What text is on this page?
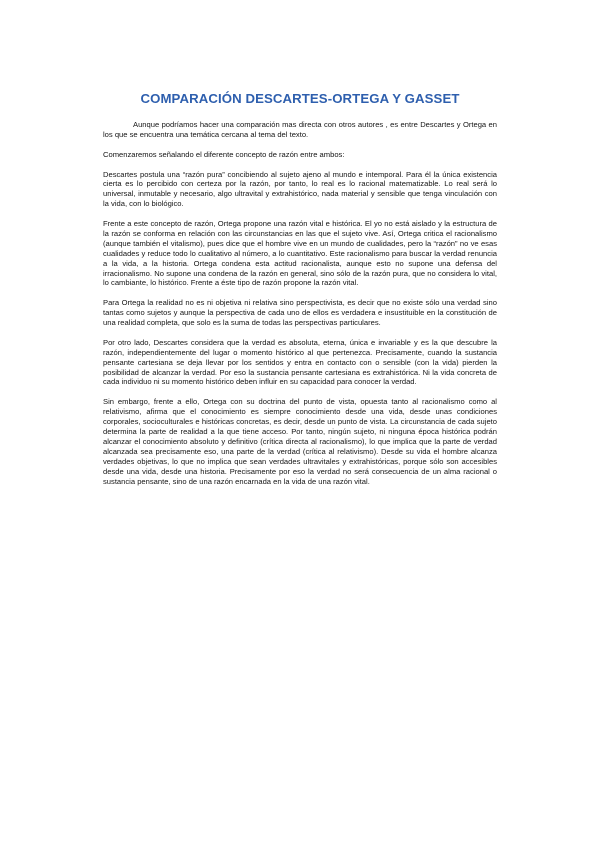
COMPARACIÓN DESCARTES-ORTEGA Y GASSET

Aunque podríamos hacer una comparación mas directa con otros autores , es entre Descartes y Ortega en los que se encuentra una temática cercana al tema del texto.

Comenzaremos señalando el diferente concepto de razón entre ambos:

Descartes postula una “razón pura” concibiendo al sujeto ajeno al mundo e intemporal. Para él la única existencia cierta es lo percibido con certeza por la razón, por tanto, lo real es lo racional matematizable. Lo real será lo universal, inmutable y necesario, algo ultravital y extrahistórico, nada material y sensible que tenga vinculación con la vida, con lo biológico.

Frente a este concepto de razón, Ortega propone una razón vital e histórica. El yo no está aislado y la estructura de la razón se conforma en relación con las circunstancias en las que el sujeto vive. Así, Ortega critica el racionalismo (aunque también el vitalismo), pues dice que el hombre vive en un mundo de cualidades, pero la “razón” no ve esas cualidades y reduce todo lo cualitativo al número, a lo cuantitativo. Este racionalismo para buscar la verdad renuncia a la vida, a la historia. Ortega condena esta actitud racionalista, aunque esto no supone una defensa del irracionalismo. No supone una condena de la razón en general, sino sólo de la razón pura, que no considera lo vital, lo cambiante, lo histórico. Frente a éste tipo de razón propone la razón vital.

Para Ortega la realidad no es ni objetiva ni relativa sino perspectivista, es decir que no existe sólo una verdad sino tantas como sujetos y aunque la perspectiva de cada uno de ellos es verdadera e insustituible en la constitución de una realidad completa, que solo es la suma de todas las perspectivas particulares.

Por otro lado, Descartes considera que la verdad es absoluta, eterna, única e invariable y es la que descubre la razón, independientemente del lugar o momento histórico al que pertenezca. Precisamente, cuando la sustancia pensante cartesiana se deja llevar por los sentidos y entra en contacto con o sensible (con la vida) pierden la posibilidad de alcanzar la verdad. Por eso la sustancia pensante cartesiana es extrahistórica. Ni la vida concreta de cada individuo ni su momento histórico deben influir en su capacidad para conocer la verdad.

Sin embargo, frente a ello, Ortega con su doctrina del punto de vista, opuesta tanto al racionalismo como al relativismo, afirma que el conocimiento es siempre conocimiento desde una vida, desde unas condiciones corporales, socioculturales e históricas concretas, es decir, desde un punto de vista. La circunstancia de cada sujeto determina la parte de realidad a la que tiene acceso. Por tanto, ningún sujeto, ni ninguna época histórica podrán alcanzar el conocimiento absoluto y definitivo (crítica directa al racionalismo), lo que implica que la parte de verdad alcanzada sea precisamente eso, una parte de la verdad (crítica al relativismo). Desde su vida el hombre alcanza verdades objetivas, lo que no implica que sean verdades ultravitales y extrahistóricas, porque sólo son accesibles desde una vida, desde una historia. Precisamente por eso la verdad no será consecuencia de un alma racional o sustancia pensante, sino de una razón encarnada en la vida de una razón vital.
